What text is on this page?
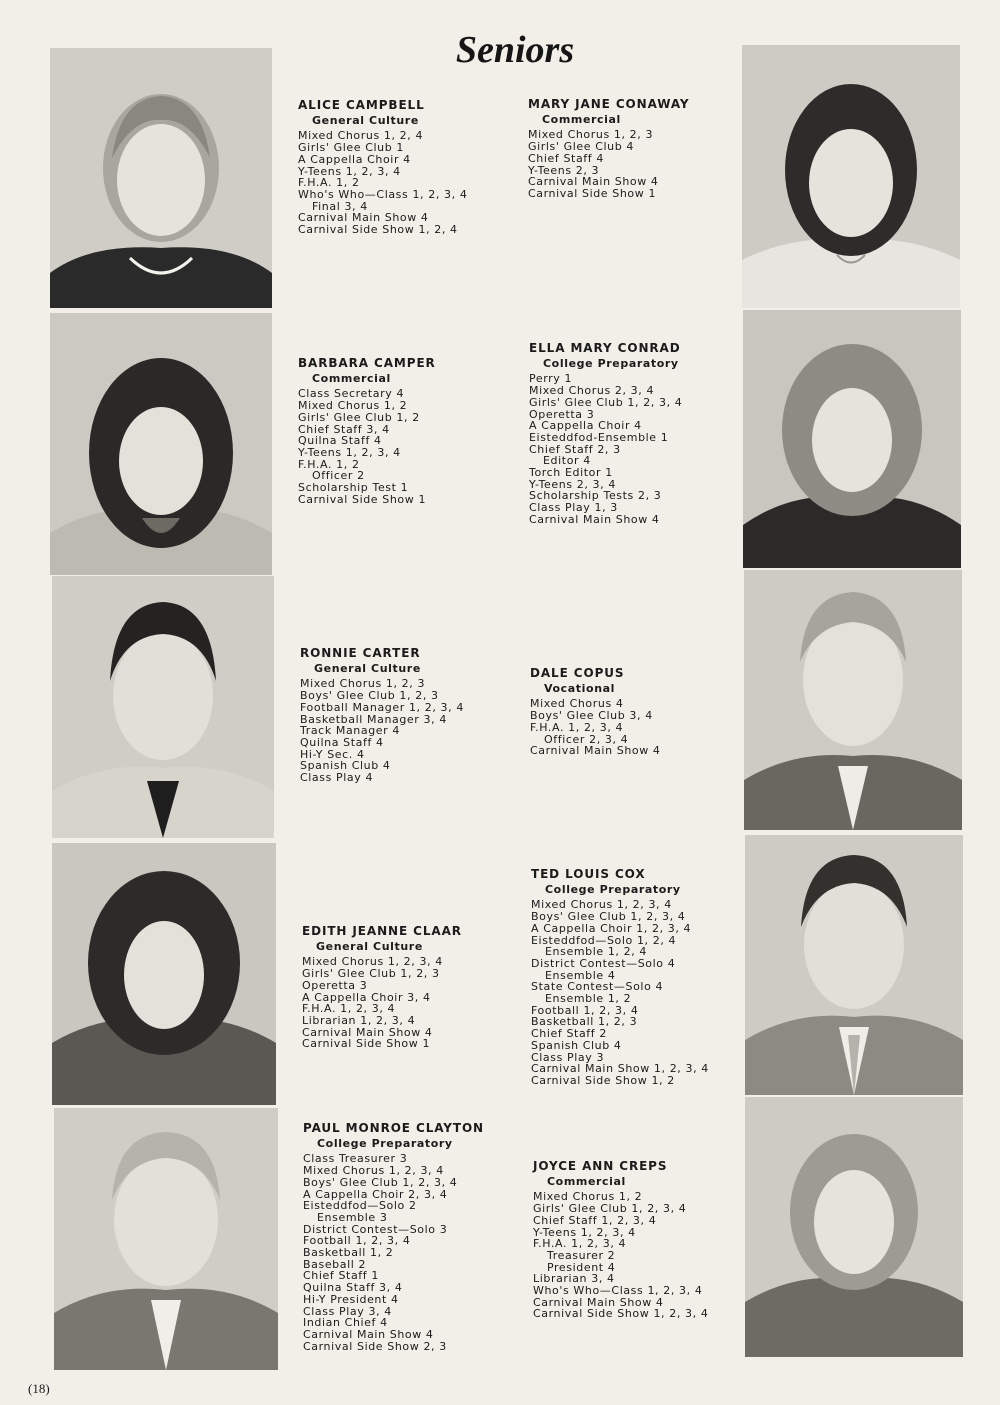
Seniors
ALICE CAMPBELL
General Culture
Mixed Chorus 1, 2, 4
Girls' Glee Club 1
A Cappella Choir 4
Y-Teens 1, 2, 3, 4
F.H.A. 1, 2
Who's Who—Class 1, 2, 3, 4
Final 3, 4
Carnival Main Show 4
Carnival Side Show 1, 2, 4
MARY JANE CONAWAY
Commercial
Mixed Chorus 1, 2, 3
Girls' Glee Club 4
Chief Staff 4
Y-Teens 2, 3
Carnival Main Show 4
Carnival Side Show 1
BARBARA CAMPER
Commercial
Class Secretary 4
Mixed Chorus 1, 2
Girls' Glee Club 1, 2
Chief Staff 3, 4
Quilna Staff 4
Y-Teens 1, 2, 3, 4
F.H.A. 1, 2
Officer 2
Scholarship Test 1
Carnival Side Show 1
ELLA MARY CONRAD
College Preparatory
Perry 1
Mixed Chorus 2, 3, 4
Girls' Glee Club 1, 2, 3, 4
Operetta 3
A Cappella Choir 4
Eisteddfod-Ensemble 1
Chief Staff 2, 3
Editor 4
Torch Editor 1
Y-Teens 2, 3, 4
Scholarship Tests 2, 3
Class Play 1, 3
Carnival Main Show 4
RONNIE CARTER
General Culture
Mixed Chorus 1, 2, 3
Boys' Glee Club 1, 2, 3
Football Manager 1, 2, 3, 4
Basketball Manager 3, 4
Track Manager 4
Quilna Staff 4
Hi-Y Sec. 4
Spanish Club 4
Class Play 4
DALE COPUS
Vocational
Mixed Chorus 4
Boys' Glee Club 3, 4
F.H.A. 1, 2, 3, 4
Officer 2, 3, 4
Carnival Main Show 4
EDITH JEANNE CLAAR
General Culture
Mixed Chorus 1, 2, 3, 4
Girls' Glee Club 1, 2, 3
Operetta 3
A Cappella Choir 3, 4
F.H.A. 1, 2, 3, 4
Librarian 1, 2, 3, 4
Carnival Main Show 4
Carnival Side Show 1
TED LOUIS COX
College Preparatory
Mixed Chorus 1, 2, 3, 4
Boys' Glee Club 1, 2, 3, 4
A Cappella Choir 1, 2, 3, 4
Eisteddfod—Solo 1, 2, 4
Ensemble 1, 2, 4
District Contest—Solo 4
Ensemble 4
State Contest—Solo 4
Ensemble 1, 2
Football 1, 2, 3, 4
Basketball 1, 2, 3
Chief Staff 2
Spanish Club 4
Class Play 3
Carnival Main Show 1, 2, 3, 4
Carnival Side Show 1, 2
PAUL MONROE CLAYTON
College Preparatory
Class Treasurer 3
Mixed Chorus 1, 2, 3, 4
Boys' Glee Club 1, 2, 3, 4
A Cappella Choir 2, 3, 4
Eisteddfod—Solo 2
Ensemble 3
District Contest—Solo 3
Football 1, 2, 3, 4
Basketball 1, 2
Baseball 2
Chief Staff 1
Quilna Staff 3, 4
Hi-Y President 4
Class Play 3, 4
Indian Chief 4
Carnival Main Show 4
Carnival Side Show 2, 3
JOYCE ANN CREPS
Commercial
Mixed Chorus 1, 2
Girls' Glee Club 1, 2, 3, 4
Chief Staff 1, 2, 3, 4
Y-Teens 1, 2, 3, 4
F.H.A. 1, 2, 3, 4
Treasurer 2
President 4
Librarian 3, 4
Who's Who—Class 1, 2, 3, 4
Carnival Main Show 4
Carnival Side Show 1, 2, 3, 4
(18)
